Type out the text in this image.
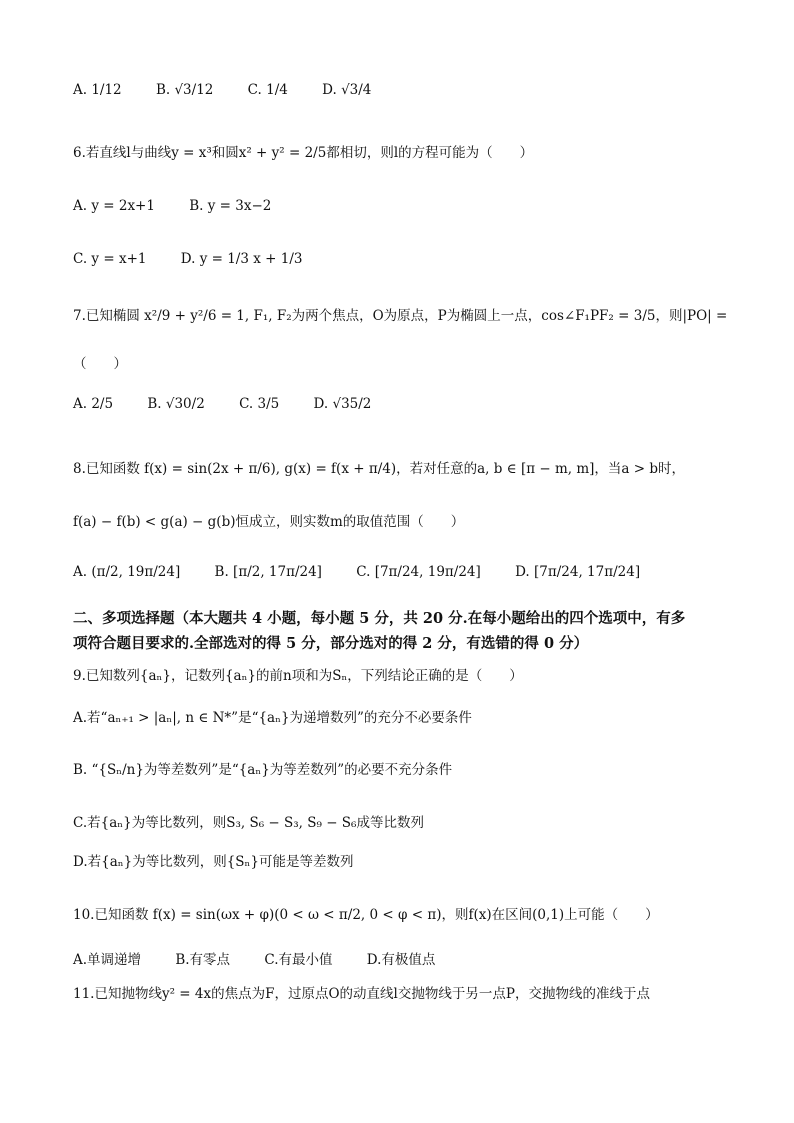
A. 1/12	B. √3/12	C. 1/4	D. √3/4
6.若直线l与曲线y = x³和圆x² + y² = 2/5都相切，则l的方程可能为（　　）
A. y = 2x+1	B. y = 3x−2
C. y = x+1	D. y = 1/3 x + 1/3
7.已知椭圆 x²/9 + y²/6 = 1, F₁, F₂为两个焦点，O为原点，P为椭圆上一点，cos∠F₁PF₂ = 3/5，则|PO| =
（　　）
A. 2/5	B. √30/2	C. 3/5	D. √35/2
8.已知函数 f(x) = sin(2x + π/6), g(x) = f(x + π/4)，若对任意的a, b ∈ [π − m, m]，当a > b时，
f(a) − f(b) < g(a) − g(b)恒成立，则实数m的取值范围（　　）
A. (π/2, 19π/24]	B. [π/2, 17π/24]	C. [7π/24, 19π/24]	D. [7π/24, 17π/24]
二、多项选择题（本大题共 4 小题，每小题 5 分，共 20 分.在每小题给出的四个选项中，有多
项符合题目要求的.全部选对的得 5 分，部分选对的得 2 分，有选错的得 0 分）
9.已知数列{aₙ}，记数列{aₙ}的前n项和为Sₙ，下列结论正确的是（　　）
A.若“aₙ₊₁ > |aₙ|, n ∈ N*”是“{aₙ}为递增数列”的充分不必要条件
B. “{Sₙ/n}为等差数列”是“{aₙ}为等差数列”的必要不充分条件
C.若{aₙ}为等比数列，则S₃, S₆ − S₃, S₉ − S₆成等比数列
D.若{aₙ}为等比数列，则{Sₙ}可能是等差数列
10.已知函数 f(x) = sin(ωx + φ)(0 < ω < π/2, 0 < φ < π)，则f(x)在区间(0,1)上可能（　　）
A.单调递增	B.有零点	C.有最小值	D.有极值点
11.已知抛物线y² = 4x的焦点为F，过原点O的动直线l交抛物线于另一点P，交抛物线的准线于点
